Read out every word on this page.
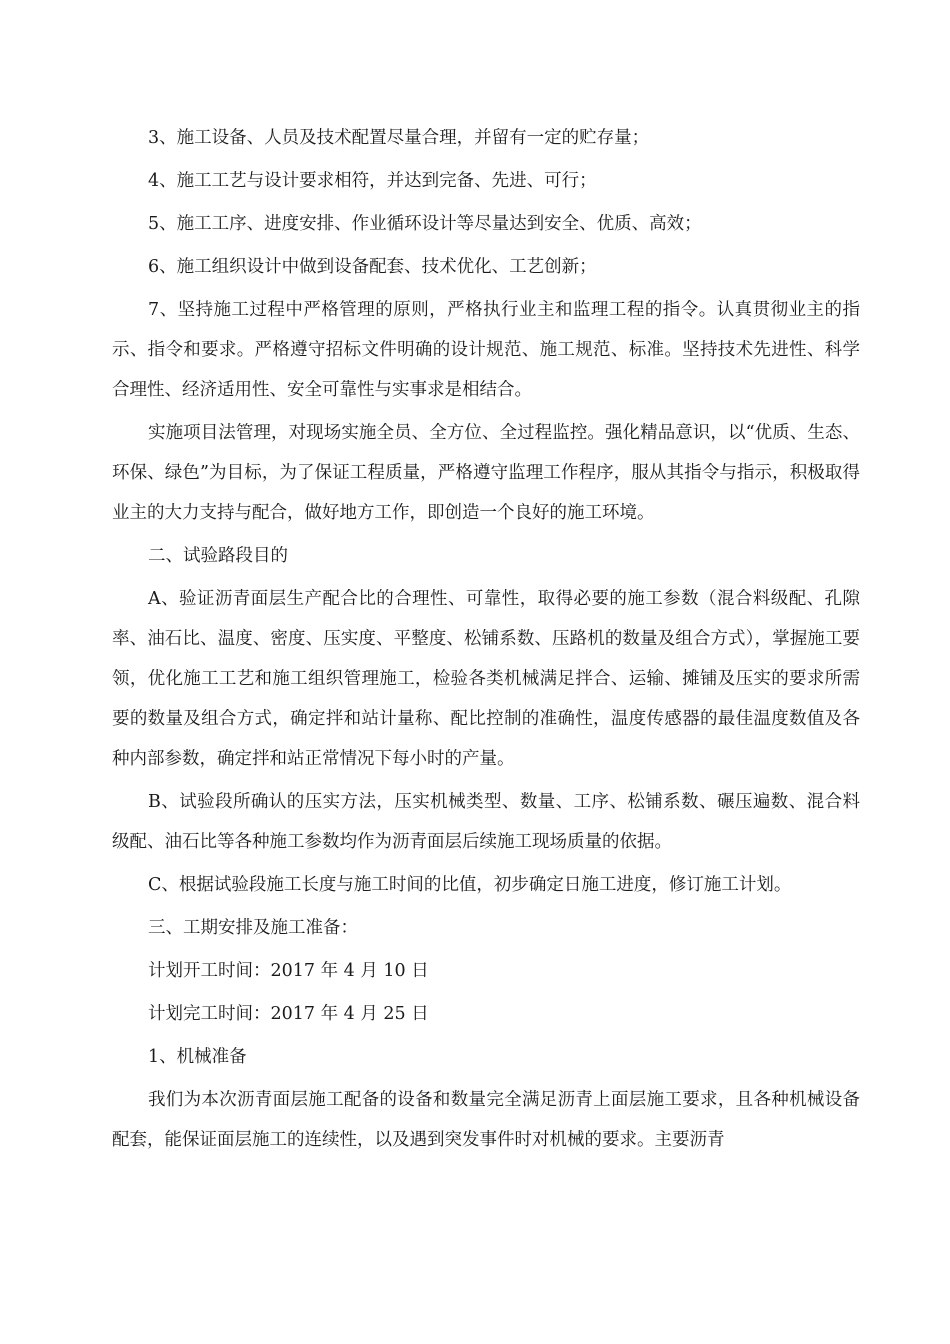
3、施工设备、人员及技术配置尽量合理，并留有一定的贮存量；

4、施工工艺与设计要求相符，并达到完备、先进、可行；

5、施工工序、进度安排、作业循环设计等尽量达到安全、优质、高效；

6、施工组织设计中做到设备配套、技术优化、工艺创新；

7、坚持施工过程中严格管理的原则，严格执行业主和监理工程的指令。认真贯彻业主的指示、指令和要求。严格遵守招标文件明确的设计规范、施工规范、标准。坚持技术先进性、科学合理性、经济适用性、安全可靠性与实事求是相结合。

实施项目法管理，对现场实施全员、全方位、全过程监控。强化精品意识，以“优质、生态、环保、绿色”为目标，为了保证工程质量，严格遵守监理工作程序，服从其指令与指示，积极取得业主的大力支持与配合，做好地方工作，即创造一个良好的施工环境。

二、试验路段目的

A、验证沥青面层生产配合比的合理性、可靠性，取得必要的施工参数（混合料级配、孔隙率、油石比、温度、密度、压实度、平整度、松铺系数、压路机的数量及组合方式），掌握施工要领，优化施工工艺和施工组织管理施工，检验各类机械满足拌合、运输、摊铺及压实的要求所需要的数量及组合方式，确定拌和站计量称、配比控制的准确性，温度传感器的最佳温度数值及各种内部参数，确定拌和站正常情况下每小时的产量。

B、试验段所确认的压实方法，压实机械类型、数量、工序、松铺系数、碾压遍数、混合料级配、油石比等各种施工参数均作为沥青面层后续施工现场质量的依据。

C、根据试验段施工长度与施工时间的比值，初步确定日施工进度，修订施工计划。

三、工期安排及施工准备：

计划开工时间：2017 年 4 月 10 日

计划完工时间：2017 年 4 月 25 日

1、机械准备

我们为本次沥青面层施工配备的设备和数量完全满足沥青上面层施工要求，且各种机械设备配套，能保证面层施工的连续性，以及遇到突发事件时对机械的要求。主要沥青
